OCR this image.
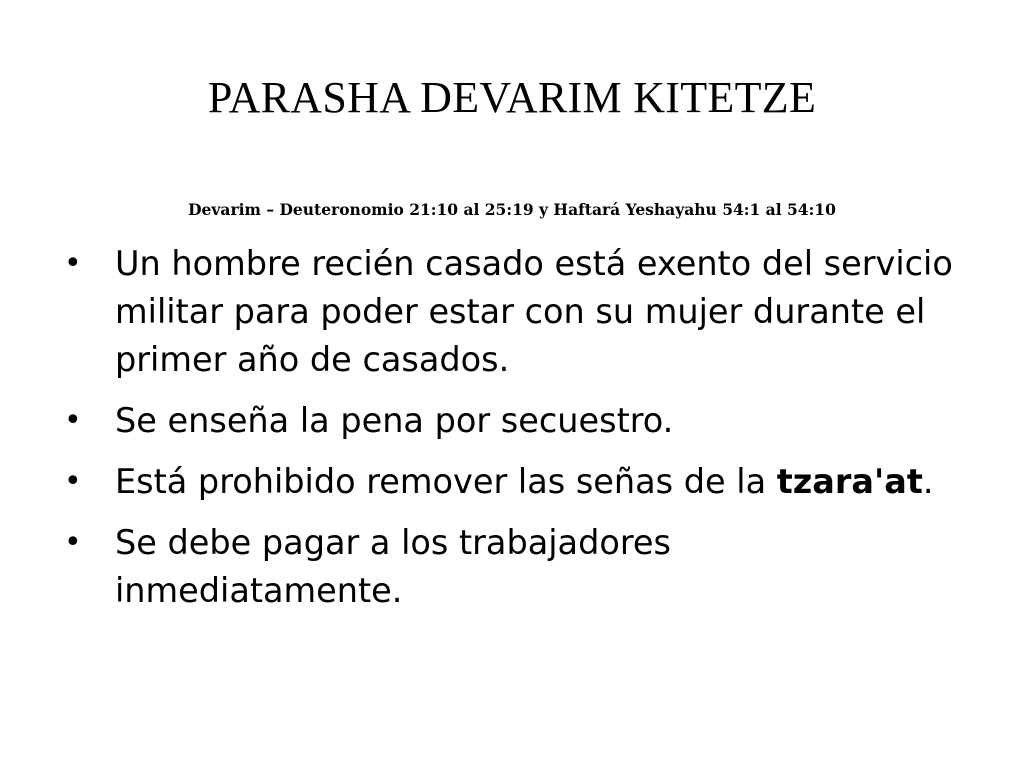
PARASHA DEVARIM KITETZE
Devarim – Deuteronomio 21:10 al 25:19 y Haftará Yeshayahu 54:1 al 54:10
• Un hombre recién casado está exento del servicio militar para poder estar con su mujer durante el primer año de casados.
• Se enseña la pena por secuestro.
• Está prohibido remover las señas de la tzara'at.
• Se debe pagar a los trabajadores inmediatamente.
